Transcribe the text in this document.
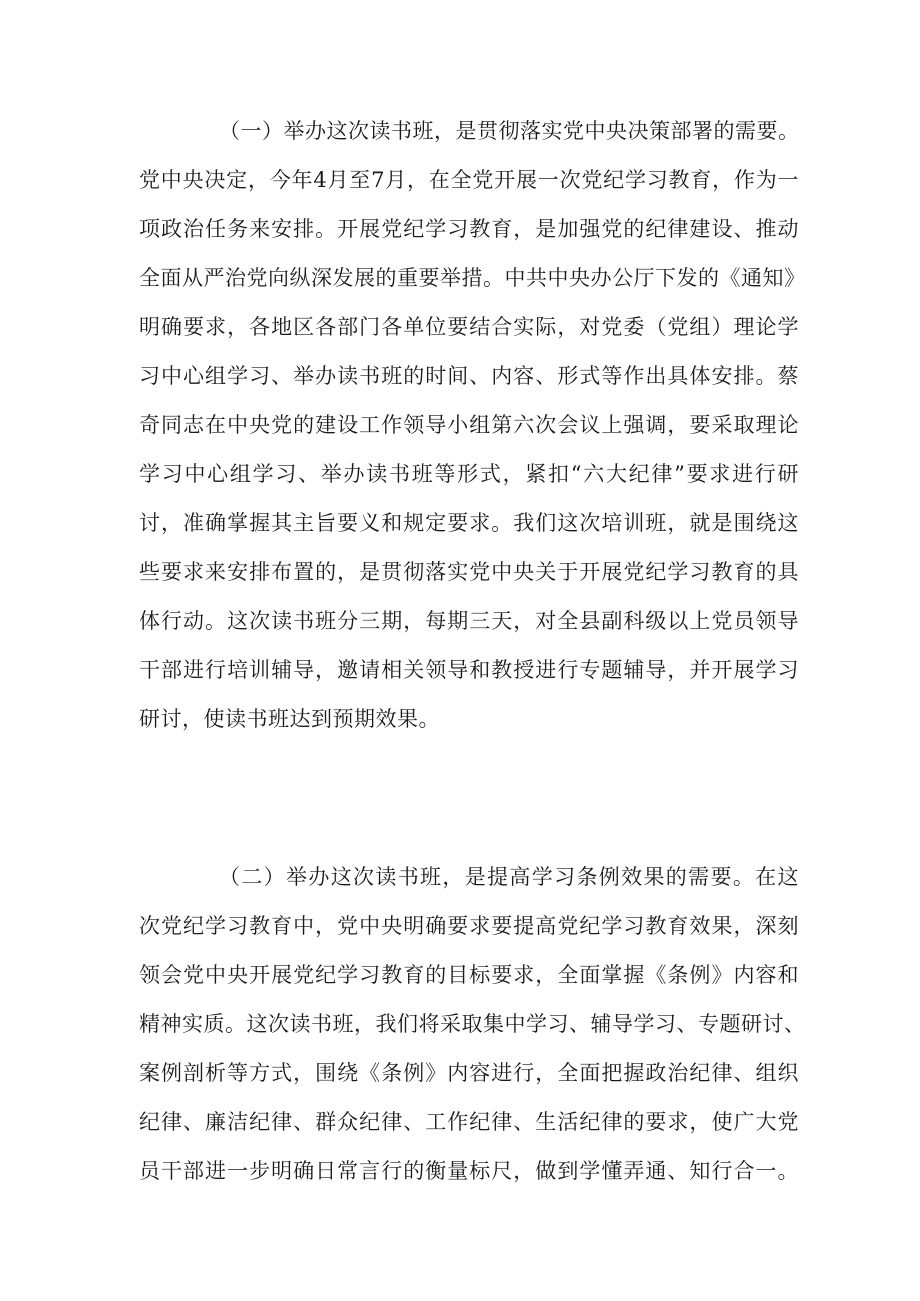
（一）举办这次读书班，是贯彻落实党中央决策部署的需要。
党中央决定，今年4月至7月，在全党开展一次党纪学习教育，作为一
项政治任务来安排。开展党纪学习教育，是加强党的纪律建设、推动
全面从严治党向纵深发展的重要举措。中共中央办公厅下发的《通知》
明确要求，各地区各部门各单位要结合实际，对党委（党组）理论学
习中心组学习、举办读书班的时间、内容、形式等作出具体安排。蔡
奇同志在中央党的建设工作领导小组第六次会议上强调，要采取理论
学习中心组学习、举办读书班等形式，紧扣“六大纪律”要求进行研
讨，准确掌握其主旨要义和规定要求。我们这次培训班，就是围绕这
些要求来安排布置的，是贯彻落实党中央关于开展党纪学习教育的具
体行动。这次读书班分三期，每期三天，对全县副科级以上党员领导
干部进行培训辅导，邀请相关领导和教授进行专题辅导，并开展学习
研讨，使读书班达到预期效果。
（二）举办这次读书班，是提高学习条例效果的需要。在这
次党纪学习教育中，党中央明确要求要提高党纪学习教育效果，深刻
领会党中央开展党纪学习教育的目标要求，全面掌握《条例》内容和
精神实质。这次读书班，我们将采取集中学习、辅导学习、专题研讨、
案例剖析等方式，围绕《条例》内容进行，全面把握政治纪律、组织
纪律、廉洁纪律、群众纪律、工作纪律、生活纪律的要求，使广大党
员干部进一步明确日常言行的衡量标尺，做到学懂弄通、知行合一。
